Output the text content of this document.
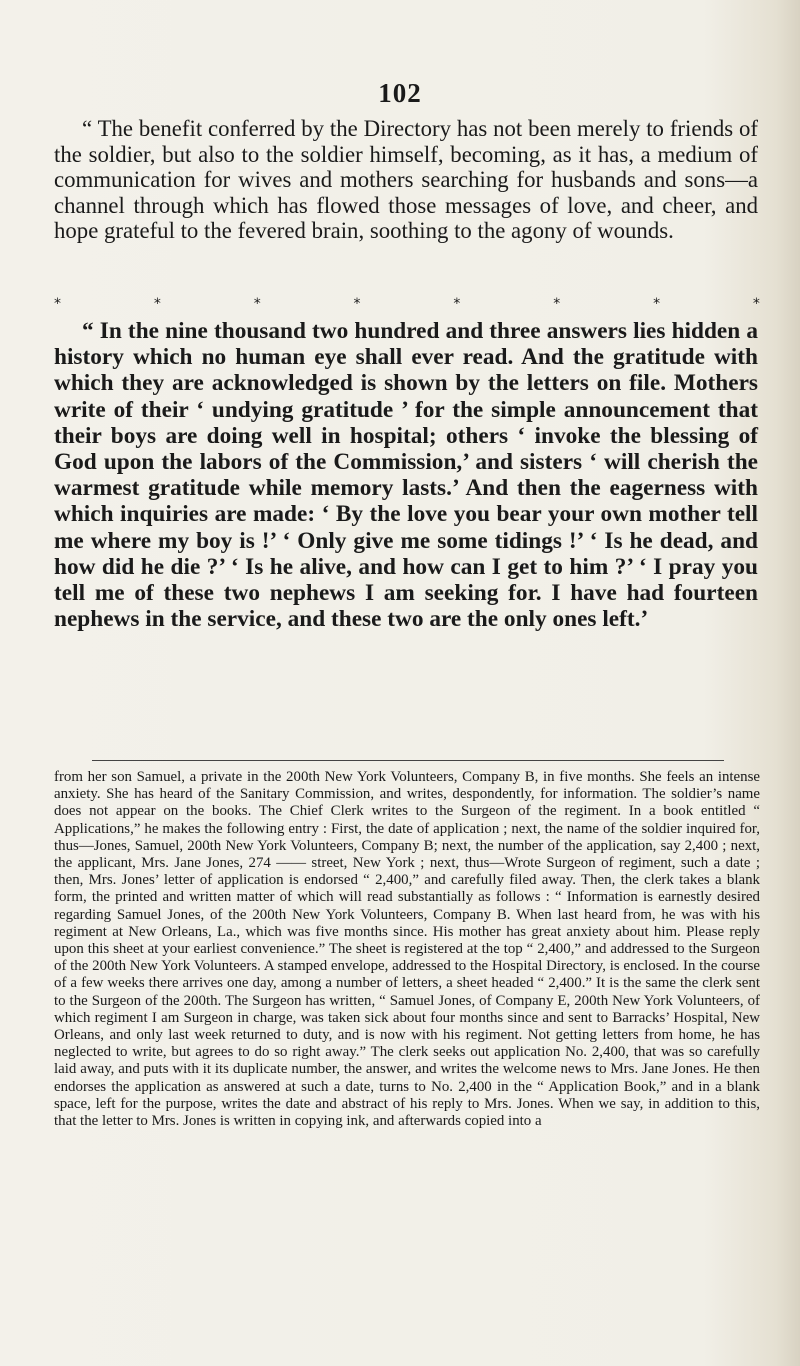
102

“ The benefit conferred by the Directory has not been merely to friends of the soldier, but also to the soldier himself, becoming, as it has, a medium of communication for wives and mothers searching for husbands and sons—a channel through which has flowed those messages of love, and cheer, and hope grateful to the fevered brain, soothing to the agony of wounds.

*	*	*	*	*	*	*	*

“ In the nine thousand two hundred and three answers lies hidden a history which no human eye shall ever read. And the gratitude with which they are acknowledged is shown by the letters on file. Mothers write of their ‘ undying gratitude ’ for the simple announcement that their boys are doing well in hospital; others ‘ invoke the blessing of God upon the labors of the Commission,’ and sisters ‘ will cherish the warmest gratitude while memory lasts.’ And then the eagerness with which inquiries are made: ‘ By the love you bear your own mother tell me where my boy is !’ ‘ Only give me some tidings !’ ‘ Is he dead, and how did he die ?’ ‘ Is he alive, and how can I get to him ?’ ‘ I pray you tell me of these two nephews I am seeking for. I have had fourteen nephews in the service, and these two are the only ones left.’

from her son Samuel, a private in the 200th New York Volunteers, Company B, in five months. She feels an intense anxiety. She has heard of the Sanitary Commission, and writes, despondently, for information. The soldier’s name does not appear on the books. The Chief Clerk writes to the Surgeon of the regiment. In a book entitled “ Applications,” he makes the following entry : First, the date of application ; next, the name of the soldier inquired for, thus—Jones, Samuel, 200th New York Volunteers, Company B; next, the number of the application, say 2,400 ; next, the applicant, Mrs. Jane Jones, 274 —— street, New York ; next, thus—Wrote Surgeon of regiment, such a date ; then, Mrs. Jones’ letter of application is endorsed “ 2,400,” and carefully filed away. Then, the clerk takes a blank form, the printed and written matter of which will read substantially as follows : “ Information is earnestly desired regarding Samuel Jones, of the 200th New York Volunteers, Company B. When last heard from, he was with his regiment at New Orleans, La., which was five months since. His mother has great anxiety about him. Please reply upon this sheet at your earliest convenience.” The sheet is registered at the top “ 2,400,” and addressed to the Surgeon of the 200th New York Volunteers. A stamped envelope, addressed to the Hospital Directory, is enclosed. In the course of a few weeks there arrives one day, among a number of letters, a sheet headed “ 2,400.” It is the same the clerk sent to the Surgeon of the 200th. The Surgeon has written, “ Samuel Jones, of Company E, 200th New York Volunteers, of which regiment I am Surgeon in charge, was taken sick about four months since and sent to Barracks’ Hospital, New Orleans, and only last week returned to duty, and is now with his regiment. Not getting letters from home, he has neglected to write, but agrees to do so right away.” The clerk seeks out application No. 2,400, that was so carefully laid away, and puts with it its duplicate number, the answer, and writes the welcome news to Mrs. Jane Jones. He then endorses the application as answered at such a date, turns to No. 2,400 in the “ Application Book,” and in a blank space, left for the purpose, writes the date and abstract of his reply to Mrs. Jones. When we say, in addition to this, that the letter to Mrs. Jones is written in copying ink, and afterwards copied into a
